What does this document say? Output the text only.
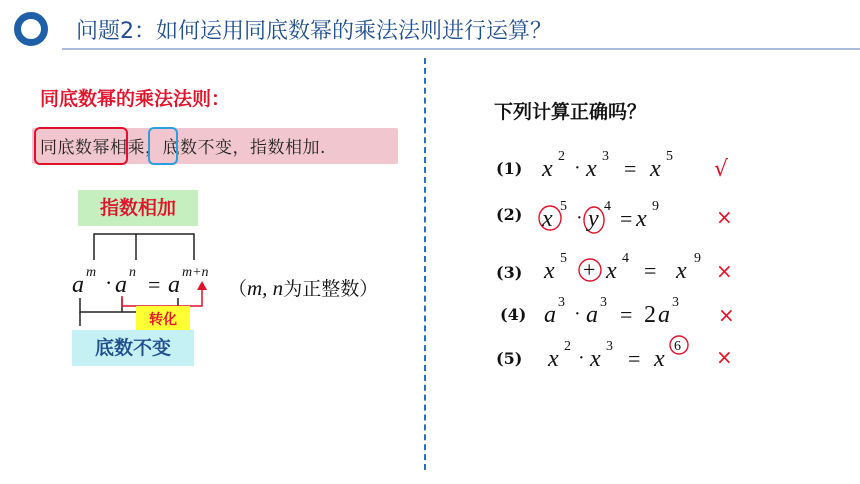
问题2：如何运用同底数幂的乘法法则进行运算？
同底数幂的乘法法则：
同底数幂相乘，底数不变，指数相加.
指数相加
a m · a n = a m+n
转化
底数不变
（m, n为正整数）
下列计算正确吗？
(1) x 2
· x 3 = x 5
√
(2) x 5
· y 4 = x 9	×
(3) x 5 + x 4 = x 9
×
(4) a 3
· a 3 = 2 a 3
×
(5) x 2
· x 3 = x 6 ×
